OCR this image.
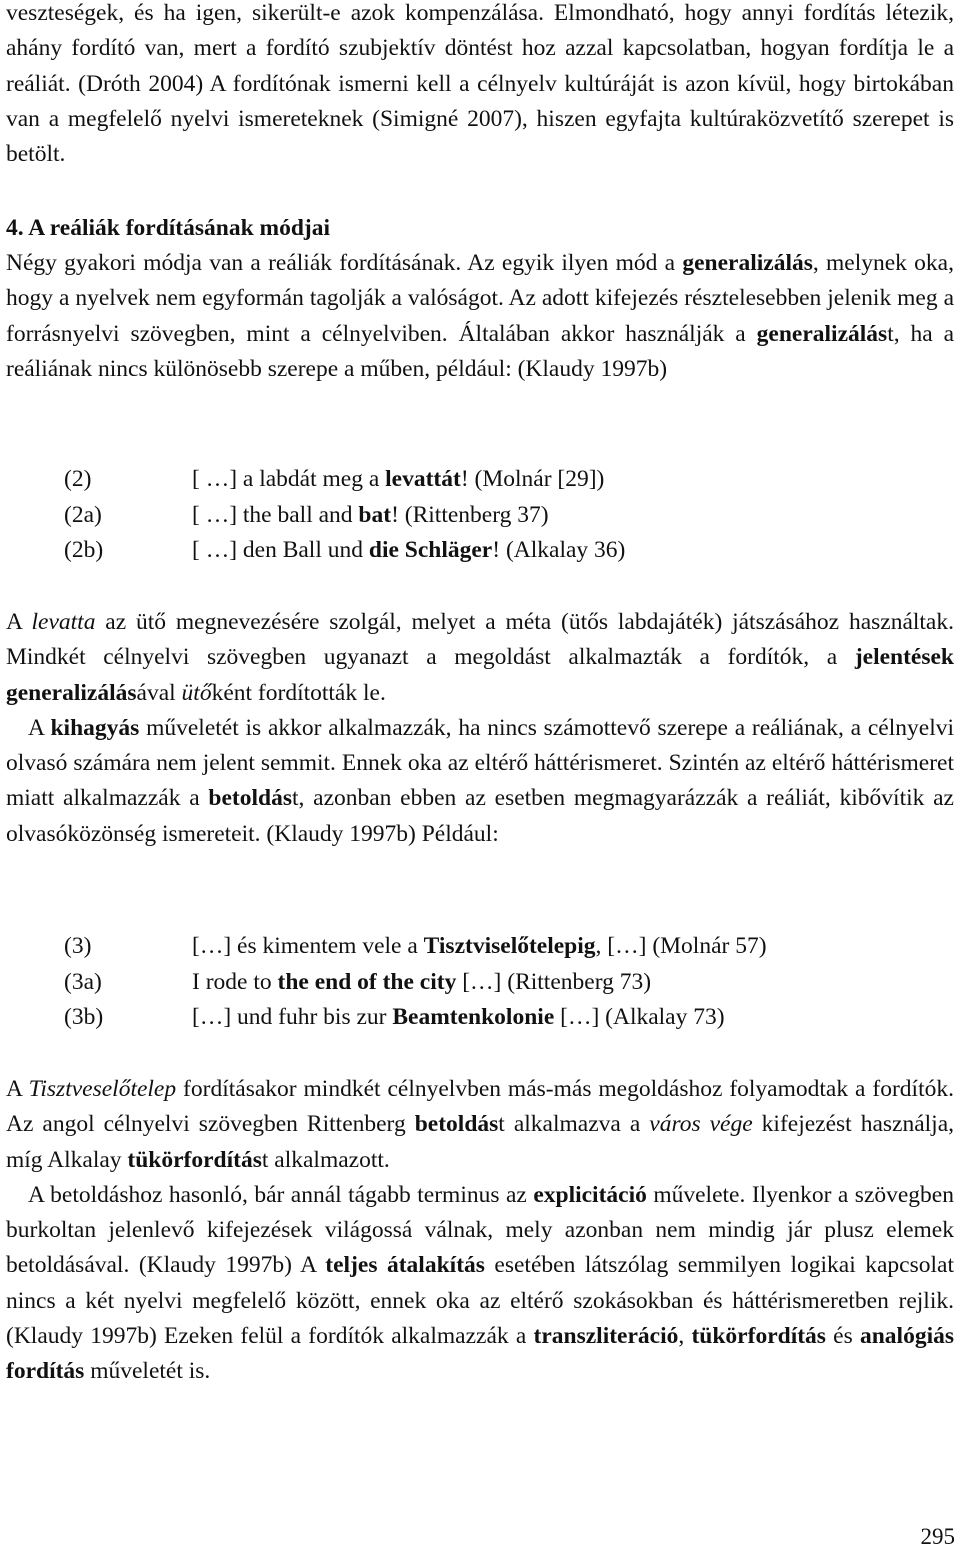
veszteségek, és ha igen, sikerült-e azok kompenzálása. Elmondható, hogy annyi fordítás létezik, ahány fordító van, mert a fordító szubjektív döntést hoz azzal kapcsolatban, hogyan fordítja le a reáliát. (Dróth 2004) A fordítónak ismerni kell a célnyelv kultúráját is azon kívül, hogy birtokában van a megfelelő nyelvi ismereteknek (Simigné 2007), hiszen egyfajta kultúraközvetítő szerepet is betölt.

4. A reáliák fordításának módjai

Négy gyakori módja van a reáliák fordításának. Az egyik ilyen mód a generalizálás, melynek oka, hogy a nyelvek nem egyformán tagolják a valóságot. Az adott kifejezés résztelesebben jelenik meg a forrásnyelvi szövegben, mint a célnyelviben. Általában akkor használják a generalizálást, ha a reáliának nincs különösebb szerepe a műben, például: (Klaudy 1997b)

(2)	[ …] a labdát meg a levattát! (Molnár [29])
(2a)	[ …] the ball and bat! (Rittenberg 37)
(2b)	[ …] den Ball und die Schläger! (Alkalay 36)

A levatta az ütő megnevezésére szolgál, melyet a méta (ütős labdajáték) játszásához használtak. Mindkét célnyelvi szövegben ugyanazt a megoldást alkalmazták a fordítók, a jelentések generalizálásával ütőként fordították le.

A kihagyás műveletét is akkor alkalmazzák, ha nincs számottevő szerepe a reáliának, a célnyelvi olvasó számára nem jelent semmit. Ennek oka az eltérő háttérismeret. Szintén az eltérő háttérismeret miatt alkalmazzák a betoldást, azonban ebben az esetben megmagyarázzák a reáliát, kibővítik az olvasóközönség ismereteit. (Klaudy 1997b) Például:

(3)	[…] és kimentem vele a Tisztviselőtelepig, […] (Molnár 57)
(3a)	I rode to the end of the city […] (Rittenberg 73)
(3b)	[…] und fuhr bis zur Beamtenkolonie […] (Alkalay 73)

A Tisztveselőtelep fordításakor mindkét célnyelvben más-más megoldáshoz folyamodtak a fordítók. Az angol célnyelvi szövegben Rittenberg betoldást alkalmazva a város vége kifejezést használja, míg Alkalay tükörfordítást alkalmazott.

A betoldáshoz hasonló, bár annál tágabb terminus az explicitáció művelete. Ilyenkor a szövegben burkoltan jelenlevő kifejezések világossá válnak, mely azonban nem mindig jár plusz elemek betoldásával. (Klaudy 1997b) A teljes átalakítás esetében látszólag semmilyen logikai kapcsolat nincs a két nyelvi megfelelő között, ennek oka az eltérő szokásokban és háttérismeretben rejlik. (Klaudy 1997b) Ezeken felül a fordítók alkalmazzák a transzliteráció, tükörfordítás és analógiás fordítás műveletét is.

295
